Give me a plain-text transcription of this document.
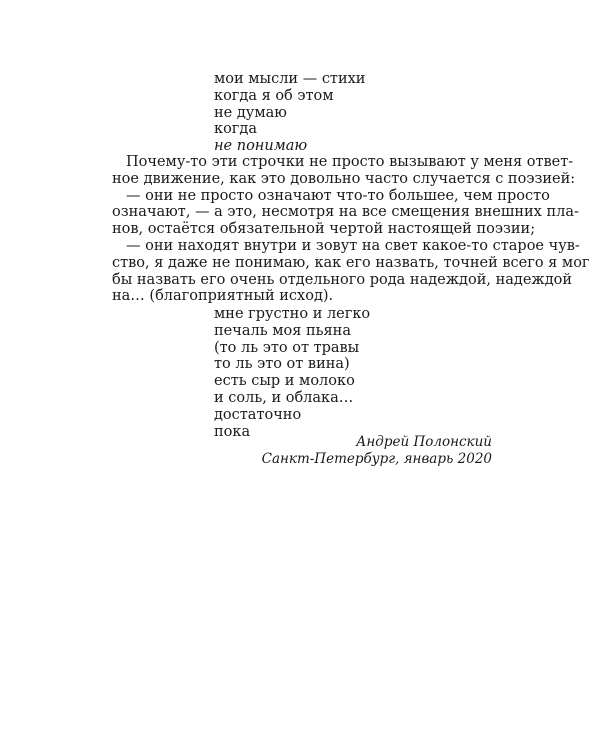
мои мысли — стихи
когда я об этом
не думаю
когда
не понимаю
Почему-то эти строчки не просто вызывают у меня ответ-
ное движение, как это довольно часто случается с поэзией:
— они не просто означают что-то большее, чем просто
означают, — а это, несмотря на все смещения внешних пла-
нов, остаётся обязательной чертой настоящей поэзии;
— они находят внутри и зовут на свет какое-то старое чув-
ство, я даже не понимаю, как его назвать, точней всего я мог
бы назвать его очень отдельного рода надеждой, надеждой
на… (благоприятный исход).
мне грустно и легко
печаль моя пьяна
(то ль это от травы
то ль это от вина)
есть сыр и молоко
и соль, и облака…
достаточно
пока
Андрей Полонский
Санкт-Петербург, январь 2020
